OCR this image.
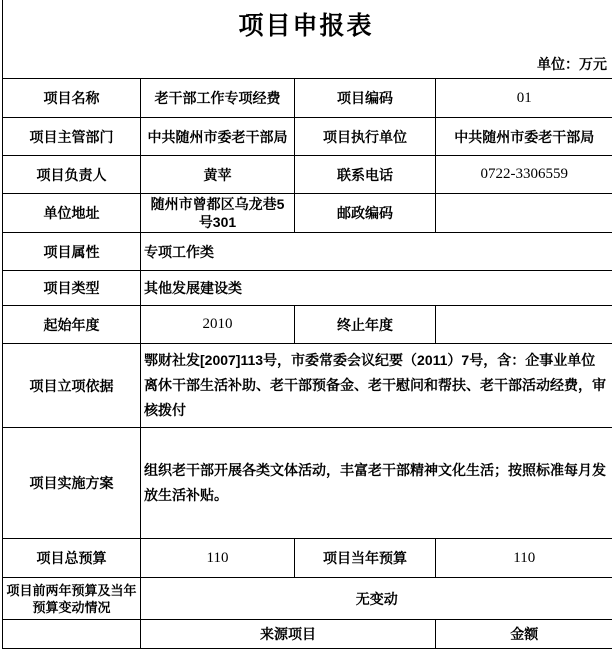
项目申报表
单位：万元
项目名称	老干部工作专项经费	项目编码	01
项目主管部门	中共随州市委老干部局	项目执行单位	中共随州市委老干部局
项目负责人	黄苹	联系电话	0722-3306559
单位地址	随州市曾都区乌龙巷5号301	邮政编码	
项目属性	专项工作类		
项目类型	其他发展建设类		
起始年度	2010	终止年度	
项目立项依据	鄂财社发[2007]113号，市委常委会议纪要（2011）7号，含：企事业单位离休干部生活补助、老干部预备金、老干慰问和帮扶、老干部活动经费，审核拨付		
项目实施方案	组织老干部开展各类文体活动，丰富老干部精神文化生活；按照标准每月发放生活补贴。		
项目总预算	110	项目当年预算	110
项目前两年预算及当年预算变动情况	无变动		
	来源项目		金额
